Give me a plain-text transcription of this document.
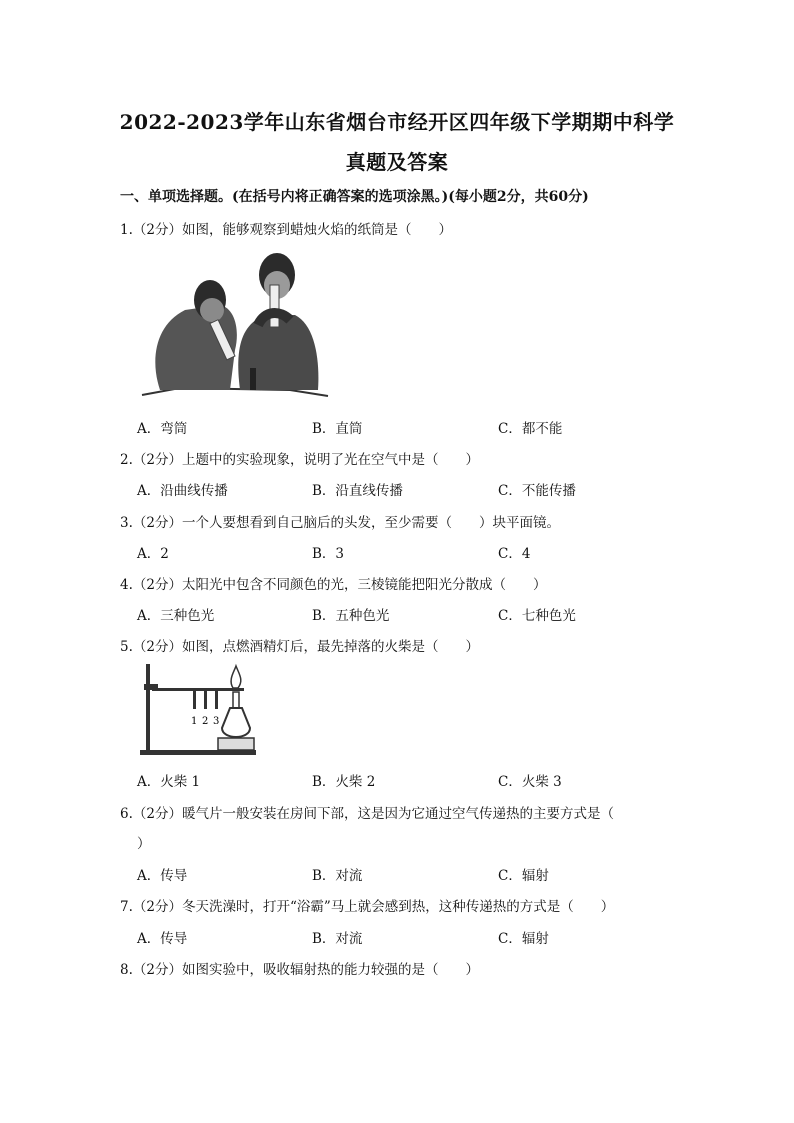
2022-2023学年山东省烟台市经开区四年级下学期期中科学
真题及答案
一、单项选择题。(在括号内将正确答案的选项涂黑。)(每小题2分，共60分)
1.（2分）如图，能够观察到蜡烛火焰的纸筒是（　　）
A．弯筒	B．直筒	C．都不能
2.（2分）上题中的实验现象，说明了光在空气中是（　　）
A．沿曲线传播	B．沿直线传播	C．不能传播
3.（2分）一个人要想看到自己脑后的头发，至少需要（　　）块平面镜。
A．2	B．3	C．4
4.（2分）太阳光中包含不同颜色的光，三棱镜能把阳光分散成（　　）
A．三种色光	B．五种色光	C．七种色光
5.（2分）如图，点燃酒精灯后，最先掉落的火柴是（　　）
1 2 3
A．火柴 1	B．火柴 2	C．火柴 3
6.（2分）暖气片一般安装在房间下部，这是因为它通过空气传递热的主要方式是（
）
A．传导	B．对流	C．辐射
7.（2分）冬天洗澡时，打开“浴霸”马上就会感到热，这种传递热的方式是（　　）
A．传导	B．对流	C．辐射
8.（2分）如图实验中，吸收辐射热的能力较强的是（　　）
